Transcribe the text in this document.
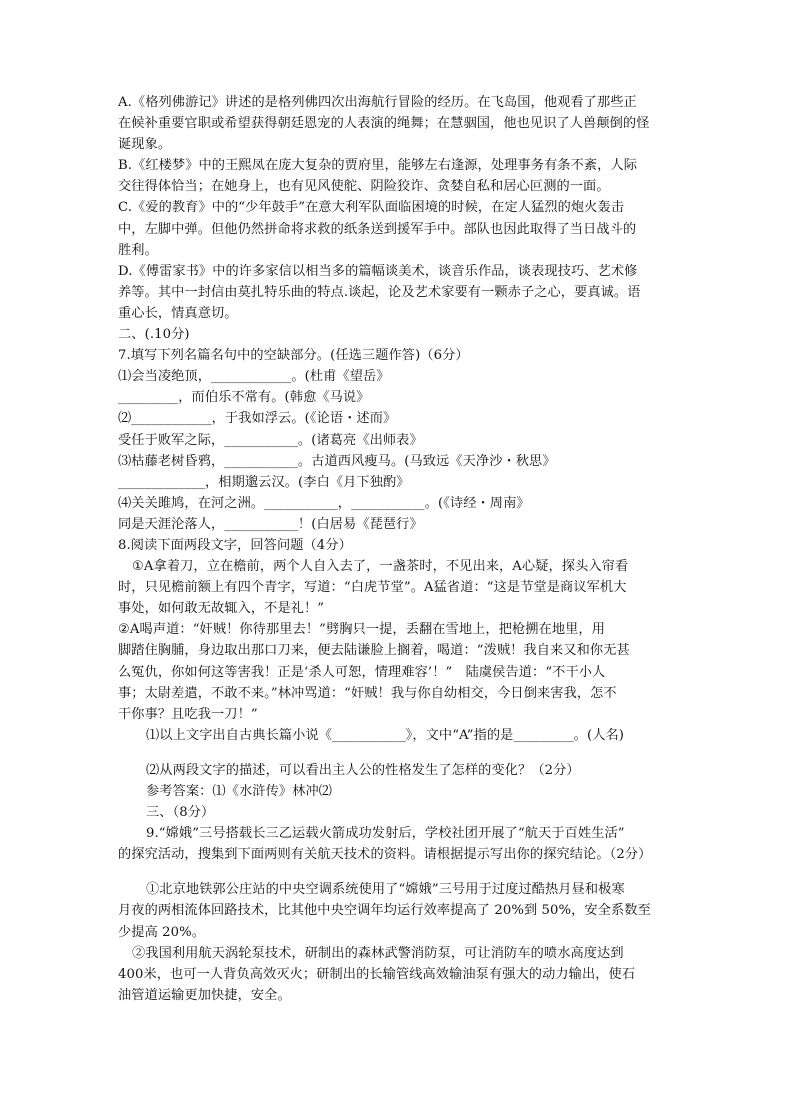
A.《格列佛游记》讲述的是格列佛四次出海航行冒险的经历。在飞岛国，他观看了那些正
在候补重要官职或希望获得朝廷恩宠的人表演的绳舞；在慧骃国，他也见识了人兽颠倒的怪
诞现象。
B.《红楼梦》中的王熙凤在庞大复杂的贾府里，能够左右逢源，处理事务有条不紊，人际
交往得体恰当；在她身上，也有见风使舵、阴险狡诈、贪婪自私和居心叵测的一面。
C.《爱的教育》中的“少年鼓手”在意大利军队面临困境的时候，在定人猛烈的炮火轰击
中，左脚中弹。但他仍然拼命将求救的纸条送到援军手中。部队也因此取得了当日战斗的
胜利。
D.《傅雷家书》中的许多家信以相当多的篇幅谈美术，谈音乐作品，谈表现技巧、艺术修
养等。其中一封信由莫扎特乐曲的特点.谈起，论及艺术家要有一颗赤子之心，要真诚。语
重心长，情真意切。
二、(.10分)
7.填写下列名篇名句中的空缺部分。(任选三题作答)（6分）
⑴会当凌绝顶，____________。(杜甫《望岳》
_________，而伯乐不常有。(韩愈《马说》
⑵____________，于我如浮云。(《论语・述而》
受任于败军之际，___________。(诸葛亮《出师表》
⑶枯藤老树昏鸦，___________。古道西风瘦马。(马致远《天净沙・秋思》
_____________，相期邈云汉。(李白《月下独酌》
⑷关关雎鸠，在河之洲。___________，___________。(《诗经・周南》
同是天涯沦落人，___________！(白居易《琵琶行》
8.阅读下面两段文字，回答问题（4分）
①A拿着刀，立在檐前，两个人自入去了，一盏茶时，不见出来，A心疑，探头入帘看
时，只见檐前额上有四个青字，写道：“白虎节堂”。A猛省道：“这是节堂是商议军机大
事处，如何敢无故辄入，不是礼！”
②A喝声道：“奸贼！你待那里去！”劈胸只一提，丢翻在雪地上，把枪搠在地里，用
脚踏住胸脯，身边取出那口刀来，便去陆谦脸上搁着，喝道：“泼贼！我自来又和你无甚
么冤仇，你如何这等害我！正是‘杀人可恕，情理难容’！”　陆虞侯告道：“不干小人
事；太尉差遣，不敢不来。”林冲骂道：“奸贼！我与你自幼相交，今日倒来害我，怎不
干你事？且吃我一刀！”
⑴以上文字出自古典长篇小说《___________》，文中“A”指的是_________。(人名)
⑵从两段文字的描述，可以看出主人公的性格发生了怎样的变化？（2分）
参考答案：⑴《水浒传》林冲⑵
三、（8分）
9.“嫦娥”三号搭载长三乙运载火箭成功发射后，学校社团开展了“航天于百姓生活”
的探究活动，搜集到下面两则有关航天技术的资料。请根据提示写出你的探究结论。（2分）
①北京地铁郭公庄站的中央空调系统使用了“嫦娥”三号用于过度过酷热月昼和极寒
月夜的两相流体回路技术，比其他中央空调年均运行效率提高了 20%到 50%，安全系数至
少提高 20%。
②我国利用航天涡轮泵技术，研制出的森林武警消防泵，可让消防车的喷水高度达到
400米，也可一人背负高效灭火；研制出的长输管线高效输油泵有强大的动力输出，使石
油管道运输更加快捷，安全。
